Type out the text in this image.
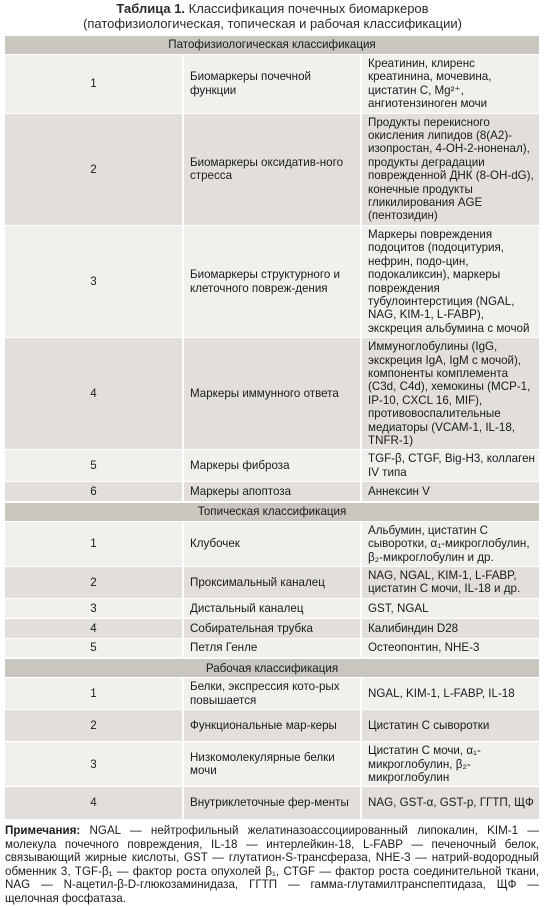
Таблица 1. Классификация почечных биомаркеров
(патофизиологическая, топическая и рабочая классификации)
Патофизиологическая классификация		
1	Биомаркеры почечной функции	Креатинин, клиренс креатинина, мочевина, цистатин C, Mg²⁺, ангиотензиноген мочи
2	Биомаркеры оксидатив-ного стресса	Продукты перекисного окисления липидов (8(A2)-изопростан, 4-OH-2-ноненал), продукты деградации поврежденной ДНК (8-OH-dG), конечные продукты гликилирования AGE (пентозидин)
3	Биомаркеры структурного и клеточного повреж-дения	Маркеры повреждения подоцитов (подоцитурия, нефрин, подо-цин, подокаликсин), маркеры повреждения тубулоинтерстиция (NGAL, NAG, KIM-1, L-FABP), экскреция альбумина с мочой
4	Маркеры иммунного ответа	Иммуноглобулины (IgG, экскреция IgA, IgM с мочой), компоненты комплемента (C3d, C4d), хемокины (MCP-1, IP-10, CXCL 16, MIF), противовоспалительные медиаторы (VCAM-1, IL-18, TNFR-1)
5	Маркеры фиброза	TGF-β, CTGF, Big-H3, коллаген IV типа
6	Маркеры апоптоза	Аннексин V
Топическая классификация		
1	Клубочек	Альбумин, цистатин C сыворотки, α₁-микроглобулин, β₂-микроглобулин и др.
2	Проксимальный каналец	NAG, NGAL, KIM-1, L-FABP, цистатин C мочи, IL-18 и др.
3	Дистальный каналец	GST, NGAL
4	Собирательная трубка	Калибиндин D28
5	Петля Генле	Остеопонтин, NHE-3
Рабочая классификация		
1	Белки, экспрессия кото-рых повышается	NGAL, KIM-1, L-FABP, IL-18
2	Функциональные мар-керы	Цистатин C сыворотки
3	Низкомолекулярные белки мочи	Цистатин C мочи, α₁-микроглобулин, β₂-микроглобулин
4	Внутриклеточные фер-менты	NAG, GST-α, GST-p, ГГТП, ЩФ
Примечания: NGAL — нейтрофильный желатиназоассоциированный липокалин, KIM-1 — молекула почечного повреждения, IL-18 — интерлейкин-18, L-FABP — печеночный белок, связывающий жирные кислоты, GST — глутатион-S-трансфераза, NHE-3 — натрий-водородный обменник 3, TGF-β₁ — фактор роста опухолей β₁, CTGF — фактор роста соединительной ткани, NAG — N-ацетил-β-D-глюкозаминидаза, ГГТП — гамма-глутамилтранспептидаза, ЩФ — щелочная фосфатаза.
